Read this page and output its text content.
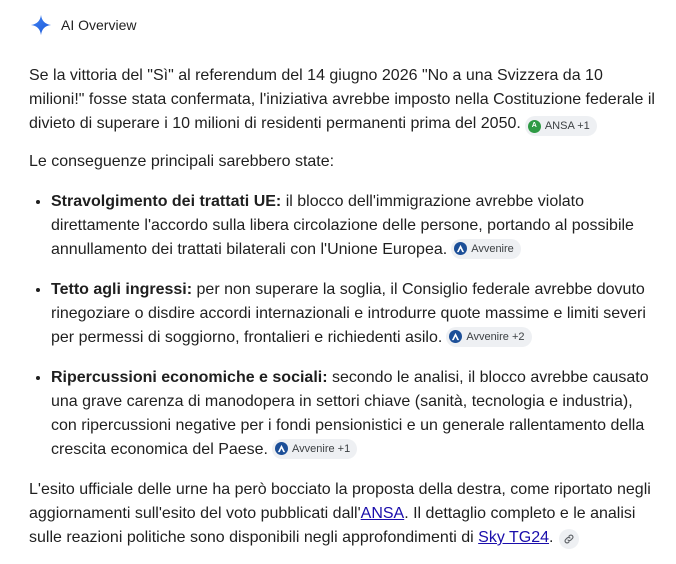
AI Overview

Se la vittoria del "Sì" al referendum del 14 giugno 2026 "No a una Svizzera da 10 milioni!" fosse stata confermata, l'iniziativa avrebbe imposto nella Costituzione federale il divieto di superare i 10 milioni di residenti permanenti prima del 2050.	A ANSA +1

Le conseguenze principali sarebbero state:

• Stravolgimento dei trattati UE: il blocco dell'immigrazione avrebbe violato direttamente l'accordo sulla libera circolazione delle persone, portando al possibile annullamento dei trattati bilaterali con l'Unione Europea. Avvenire
• Tetto agli ingressi: per non superare la soglia, il Consiglio federale avrebbe dovuto rinegoziare o disdire accordi internazionali e introdurre quote massime e limiti severi per permessi di soggiorno, frontalieri e richiedenti asilo. Avvenire +2
• Ripercussioni economiche e sociali: secondo le analisi, il blocco avrebbe causato una grave carenza di manodopera in settori chiave (sanità, tecnologia e industria), con ripercussioni negative per i fondi pensionistici e un generale rallentamento della crescita economica del Paese. Avvenire +1

L'esito ufficiale delle urne ha però bocciato la proposta della destra, come riportato negli aggiornamenti sull'esito del voto pubblicati dall'ANSA. Il dettaglio completo e le analisi sulle reazioni politiche sono disponibili negli approfondimenti di Sky TG24.
